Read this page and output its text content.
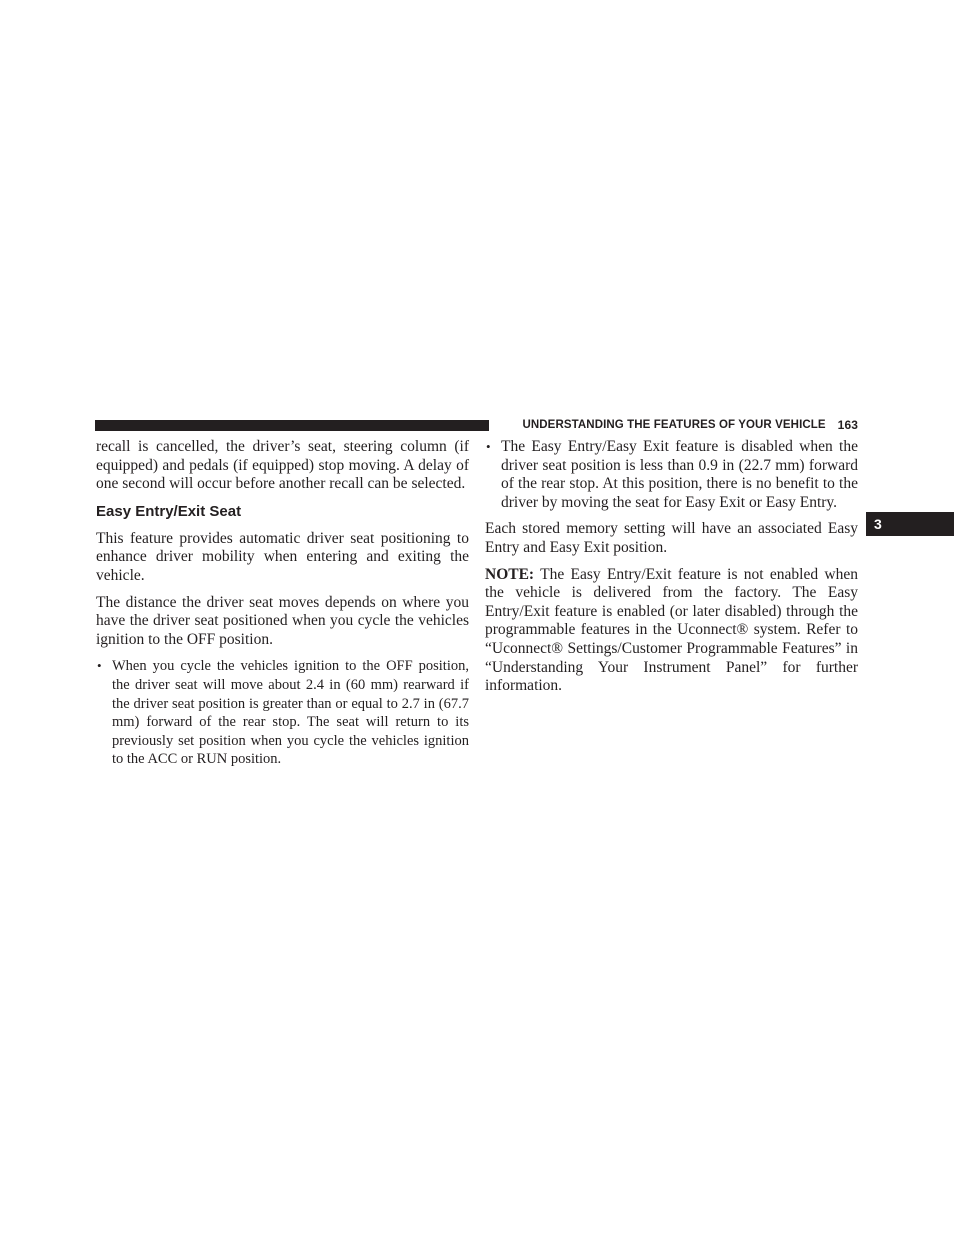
UNDERSTANDING THE FEATURES OF YOUR VEHICLE 163
3

recall is cancelled, the driver’s seat, steering column (if equipped) and pedals (if equipped) stop moving. A delay of one second will occur before another recall can be selected.

Easy Entry/Exit Seat

This feature provides automatic driver seat positioning to enhance driver mobility when entering and exiting the vehicle.

The distance the driver seat moves depends on where you have the driver seat positioned when you cycle the vehicles ignition to the OFF position.

• When you cycle the vehicles ignition to the OFF position, the driver seat will move about 2.4 in (60 mm) rearward if the driver seat position is greater than or equal to 2.7 in (67.7 mm) forward of the rear stop. The seat will return to its previously set position when you cycle the vehicles ignition to the ACC or RUN position.
• The Easy Entry/Easy Exit feature is disabled when the driver seat position is less than 0.9 in (22.7 mm) forward of the rear stop. At this position, there is no benefit to the driver by moving the seat for Easy Exit or Easy Entry.

Each stored memory setting will have an associated Easy Entry and Easy Exit position.

NOTE: The Easy Entry/Exit feature is not enabled when the vehicle is delivered from the factory. The Easy Entry/Exit feature is enabled (or later disabled) through the programmable features in the Uconnect® system. Refer to “Uconnect® Settings/Customer Programmable Features” in “Understanding Your Instrument Panel” for further information.
